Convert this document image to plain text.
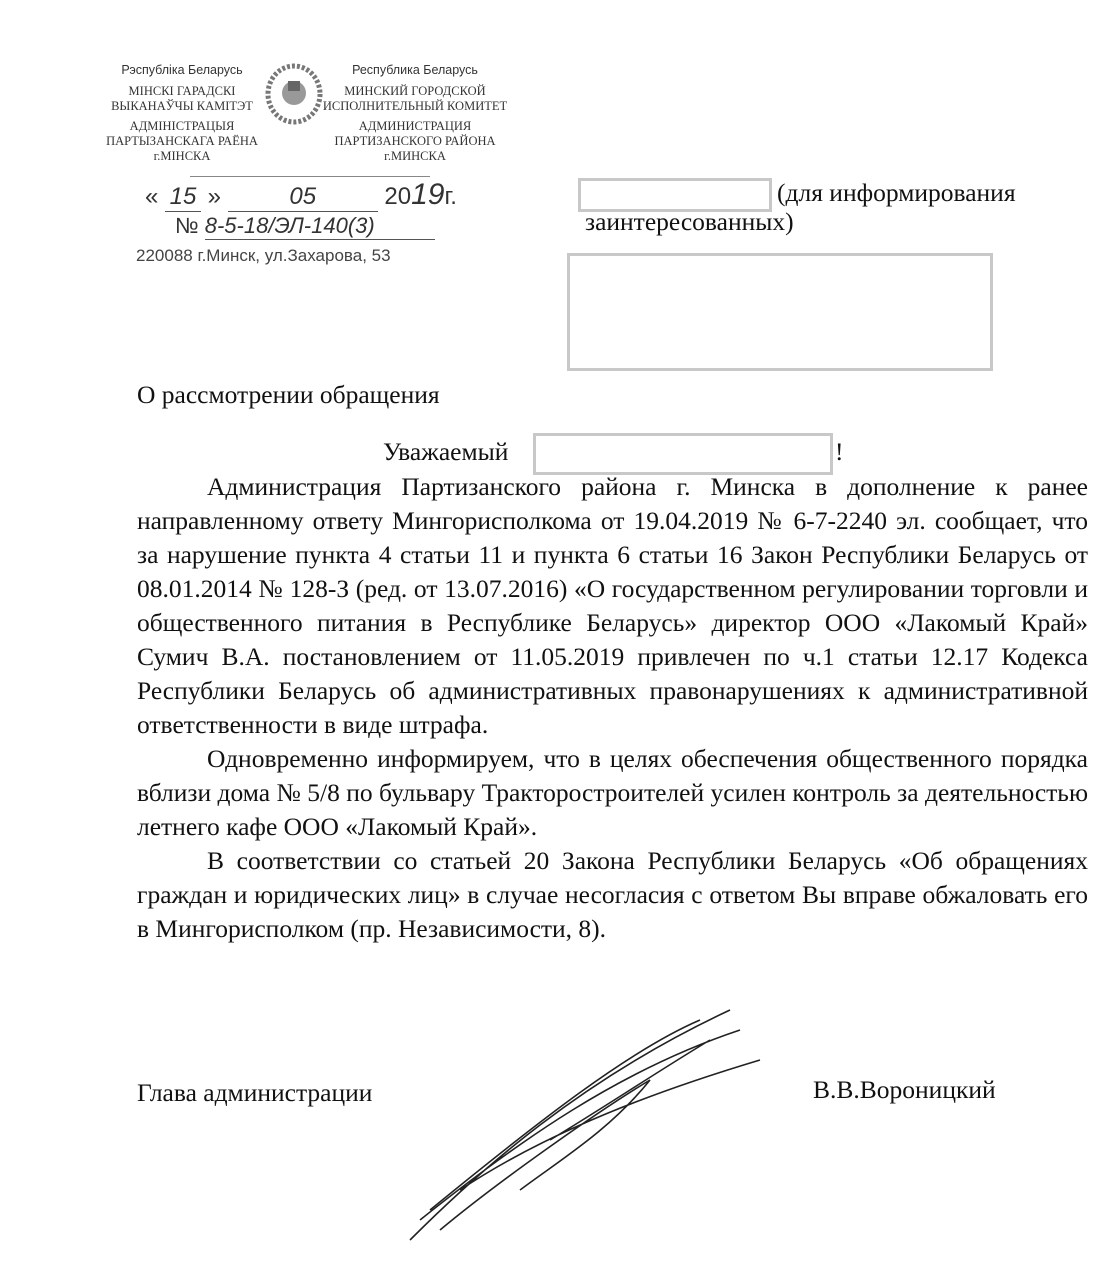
Рэспубліка Беларусь
МІНСКІ ГАРАДСКІ
ВЫКАНАЎЧЫ КАМІТЭТ
АДМІНІСТРАЦЫЯ
ПАРТЫЗАНСКАГА РАЁНА
г.МІНСКА
Республика Беларусь
МИНСКИЙ ГОРОДСКОЙ
ИСПОЛНИТЕЛЬНЫЙ КОМИТЕТ
АДМИНИСТРАЦИЯ
ПАРТИЗАНСКОГО РАЙОНА
г.МИНСКА
« 15 »	05	2019г.
№ 8-5-18/ЭЛ-140(3)
220088 г.Минск, ул.Захарова, 53
(для информирования
заинтересованных)
О рассмотрении обращения
Уважаемый	!

Администрация Партизанского района г. Минска в дополнение к ранее направленному ответу Мингорисполкома от 19.04.2019 № 6-7-2240 эл. сообщает, что за нарушение пункта 4 статьи 11 и пункта 6 статьи 16 Закон Республики Беларусь от 08.01.2014 № 128-З (ред. от 13.07.2016) «О государственном регулировании торговли и общественного питания в Республике Беларусь» директор ООО «Лакомый Край» Сумич В.А. постановлением от 11.05.2019 привлечен по ч.1 статьи 12.17 Кодекса Республики Беларусь об административных правонарушениях к административной ответственности в виде штрафа.

Одновременно информируем, что в целях обеспечения общественного порядка вблизи дома № 5/8 по бульвару Тракторостроителей усилен контроль за деятельностью летнего кафе ООО «Лакомый Край».

В соответствии со статьей 20 Закона Республики Беларусь «Об обращениях граждан и юридических лиц» в случае несогласия с ответом Вы вправе обжаловать его в Мингорисполком (пр. Независимости, 8).

Глава администрации	В.В.Вороницкий
